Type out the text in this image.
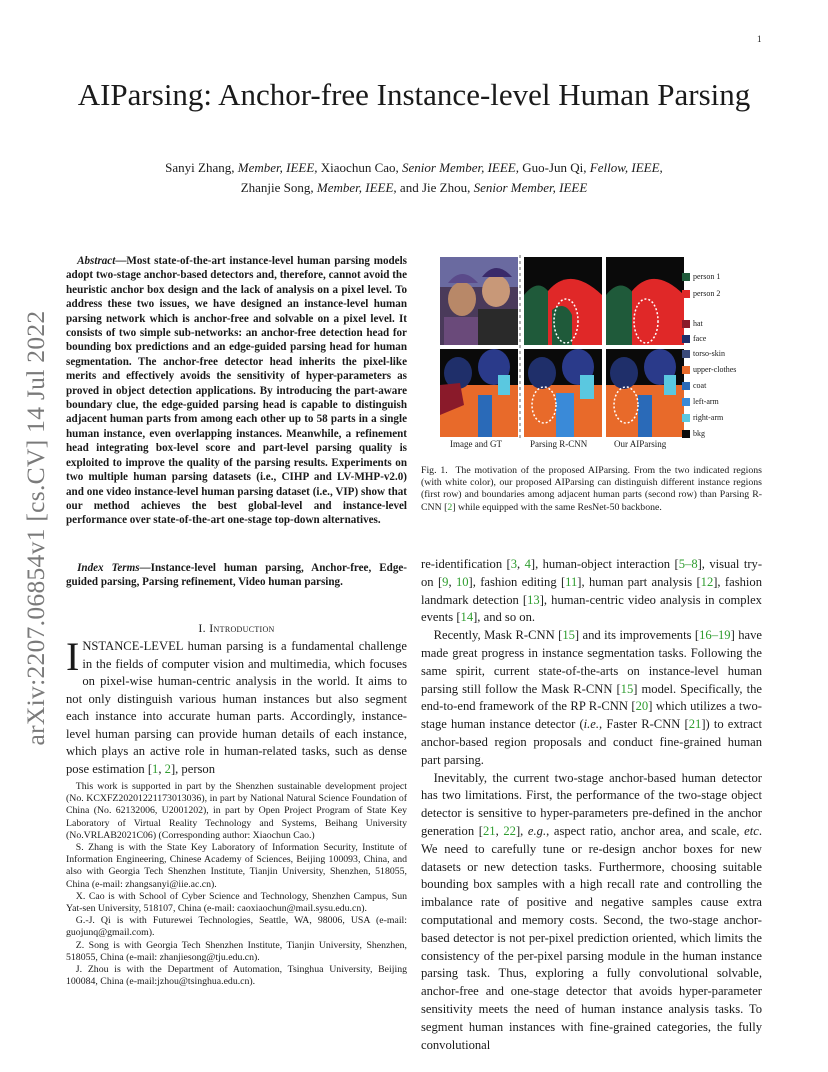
1
arXiv:2207.06854v1 [cs.CV] 14 Jul 2022
AIParsing: Anchor-free Instance-level Human Parsing
Sanyi Zhang, Member, IEEE, Xiaochun Cao, Senior Member, IEEE, Guo-Jun Qi, Fellow, IEEE,
Zhanjie Song, Member, IEEE, and Jie Zhou, Senior Member, IEEE
Abstract—Most state-of-the-art instance-level human parsing models adopt two-stage anchor-based detectors and, therefore, cannot avoid the heuristic anchor box design and the lack of analysis on a pixel level. To address these two issues, we have designed an instance-level human parsing network which is anchor-free and solvable on a pixel level. It consists of two simple sub-networks: an anchor-free detection head for bounding box predictions and an edge-guided parsing head for human segmentation. The anchor-free detector head inherits the pixel-like merits and effectively avoids the sensitivity of hyper-parameters as proved in object detection applications. By introducing the part-aware boundary clue, the edge-guided parsing head is capable to distinguish adjacent human parts from among each other up to 58 parts in a single human instance, even overlapping instances. Meanwhile, a refinement head integrating box-level score and part-level parsing quality is exploited to improve the quality of the parsing results. Experiments on two multiple human parsing datasets (i.e., CIHP and LV-MHP-v2.0) and one video instance-level human parsing dataset (i.e., VIP) show that our method achieves the best global-level and instance-level performance over state-of-the-art one-stage top-down alternatives.
Index Terms—Instance-level human parsing, Anchor-free, Edge-guided parsing, Parsing refinement, Video human parsing.
I. Introduction
INSTANCE-LEVEL human parsing is a fundamental challenge in the fields of computer vision and multimedia, which focuses on pixel-wise human-centric analysis in the world. It aims to not only distinguish various human instances but also segment each instance into accurate human parts. Accordingly, instance-level human parsing can provide human details of each instance, which plays an active role in human-related tasks, such as dense pose estimation [1, 2], person

This work is supported in part by the Shenzhen sustainable development project (No. KCXFZ20201221173013036), in part by National Natural Science Foundation of China (No. 62132006, U2001202), in part by Open Project Program of State Key Laboratory of Virtual Reality Technology and Systems, Beihang University (No.VRLAB2021C06) (Corresponding author: Xiaochun Cao.)

S. Zhang is with the State Key Laboratory of Information Security, Institute of Information Engineering, Chinese Academy of Sciences, Beijing 100093, China, and also with Georgia Tech Shenzhen Institute, Tianjin University, Shenzhen, 518055, China (e-mail: zhangsanyi@iie.ac.cn).

X. Cao is with School of Cyber Science and Technology, Shenzhen Campus, Sun Yat-sen University, 518107, China (e-mail: caoxiaochun@mail.sysu.edu.cn).

G.-J. Qi is with Futurewei Technologies, Seattle, WA, 98006, USA (e-mail: guojunq@gmail.com).

Z. Song is with Georgia Tech Shenzhen Institute, Tianjin University, Shenzhen, 518055, China (e-mail: zhanjiesong@tju.edu.cn).

J. Zhou is with the Department of Automation, Tsinghua University, Beijing 100084, China (e-mail:jzhou@tsinghua.edu.cn).

Image and GT	Parsing R-CNN	Our AIParsing
person 1
person 2
hat
face
torso-skin
upper-clothes
coat
left-arm
right-arm
bkg
Fig. 1. The motivation of the proposed AIParsing. From the two indicated regions (with white color), our proposed AIParsing can distinguish different instance regions (first row) and boundaries among adjacent human parts (second row) than Parsing R-CNN [2] while equipped with the same ResNet-50 backbone.

re-identification [3, 4], human-object interaction [5–8], visual try-on [9, 10], fashion editing [11], human part analysis [12], fashion landmark detection [13], human-centric video analysis in complex events [14], and so on.

Recently, Mask R-CNN [15] and its improvements [16–19] have made great progress in instance segmentation tasks. Following the same spirit, current state-of-the-arts on instance-level human parsing still follow the Mask R-CNN [15] model. Specifically, the end-to-end framework of the RP R-CNN [20] which utilizes a two-stage human instance detector (i.e., Faster R-CNN [21]) to extract anchor-based region proposals and conduct fine-grained human part parsing.

Inevitably, the current two-stage anchor-based human detector has two limitations. First, the performance of the two-stage object detector is sensitive to hyper-parameters pre-defined in the anchor generation [21, 22], e.g., aspect ratio, anchor area, and scale, etc. We need to carefully tune or re-design anchor boxes for new datasets or new detection tasks. Furthermore, choosing suitable bounding box samples with a high recall rate and controlling the imbalance rate of positive and negative samples cause extra computational and memory costs. Second, the two-stage anchor-based detector is not per-pixel prediction oriented, which limits the consistency of the per-pixel parsing module in the human instance parsing task. Thus, exploring a fully convolutional solvable, anchor-free and one-stage detector that avoids hyper-parameter sensitivity meets the need of human instance analysis tasks. To segment human instances with fine-grained categories, the fully convolutional
